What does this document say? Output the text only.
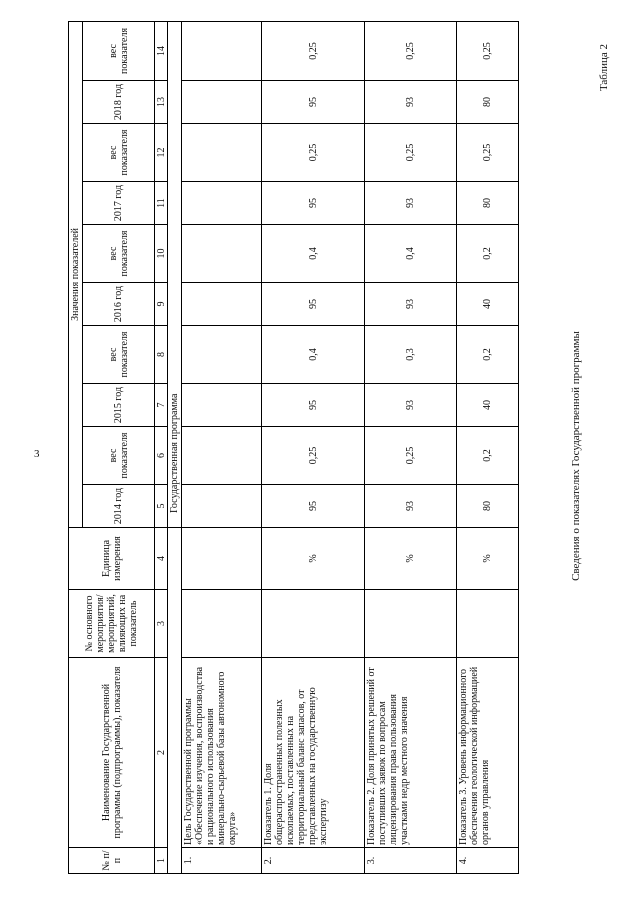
3
Таблица 2
Сведения о показателях Государственной программы
№ п/п	Наименование Государственной программы (подпрограммы), показателя	№ основного мероприятия/ мероприятий, влияющих на показатель	Единица измерения	Значения показателей									
				2014 год	вес показателя	2015 год	вес показателя	2016 год	вес показателя	2017 год	вес показателя	2018 год	вес показателя
1	2	3	4	5	6	7	8	9	10	11	12	13	14
				Государственная программа									
1.	Цель Государственной программы «Обеспечение изучения, воспроизводства и рационального использования минерально-сырьевой базы автономного округа»												
2.	Показатель 1. Доля общераспространенных полезных ископаемых, поставленных на территориальный баланс запасов, от представленных на государственную экспертизу		%	95	0,25	95	0,4	95	0,4	95	0,25	95	0,25
3.	Показатель 2. Доля принятых решений от поступивших заявок по вопросам лицензирования права пользования участками недр местного значения		%	93	0,25	93	0,3	93	0,4	93	0,25	93	0,25
4.	Показатель 3. Уровень информационного обеспечения геологической информацией органов управления		%	80	0,2	40	0,2	40	0,2	80	0,25	80	0,25
